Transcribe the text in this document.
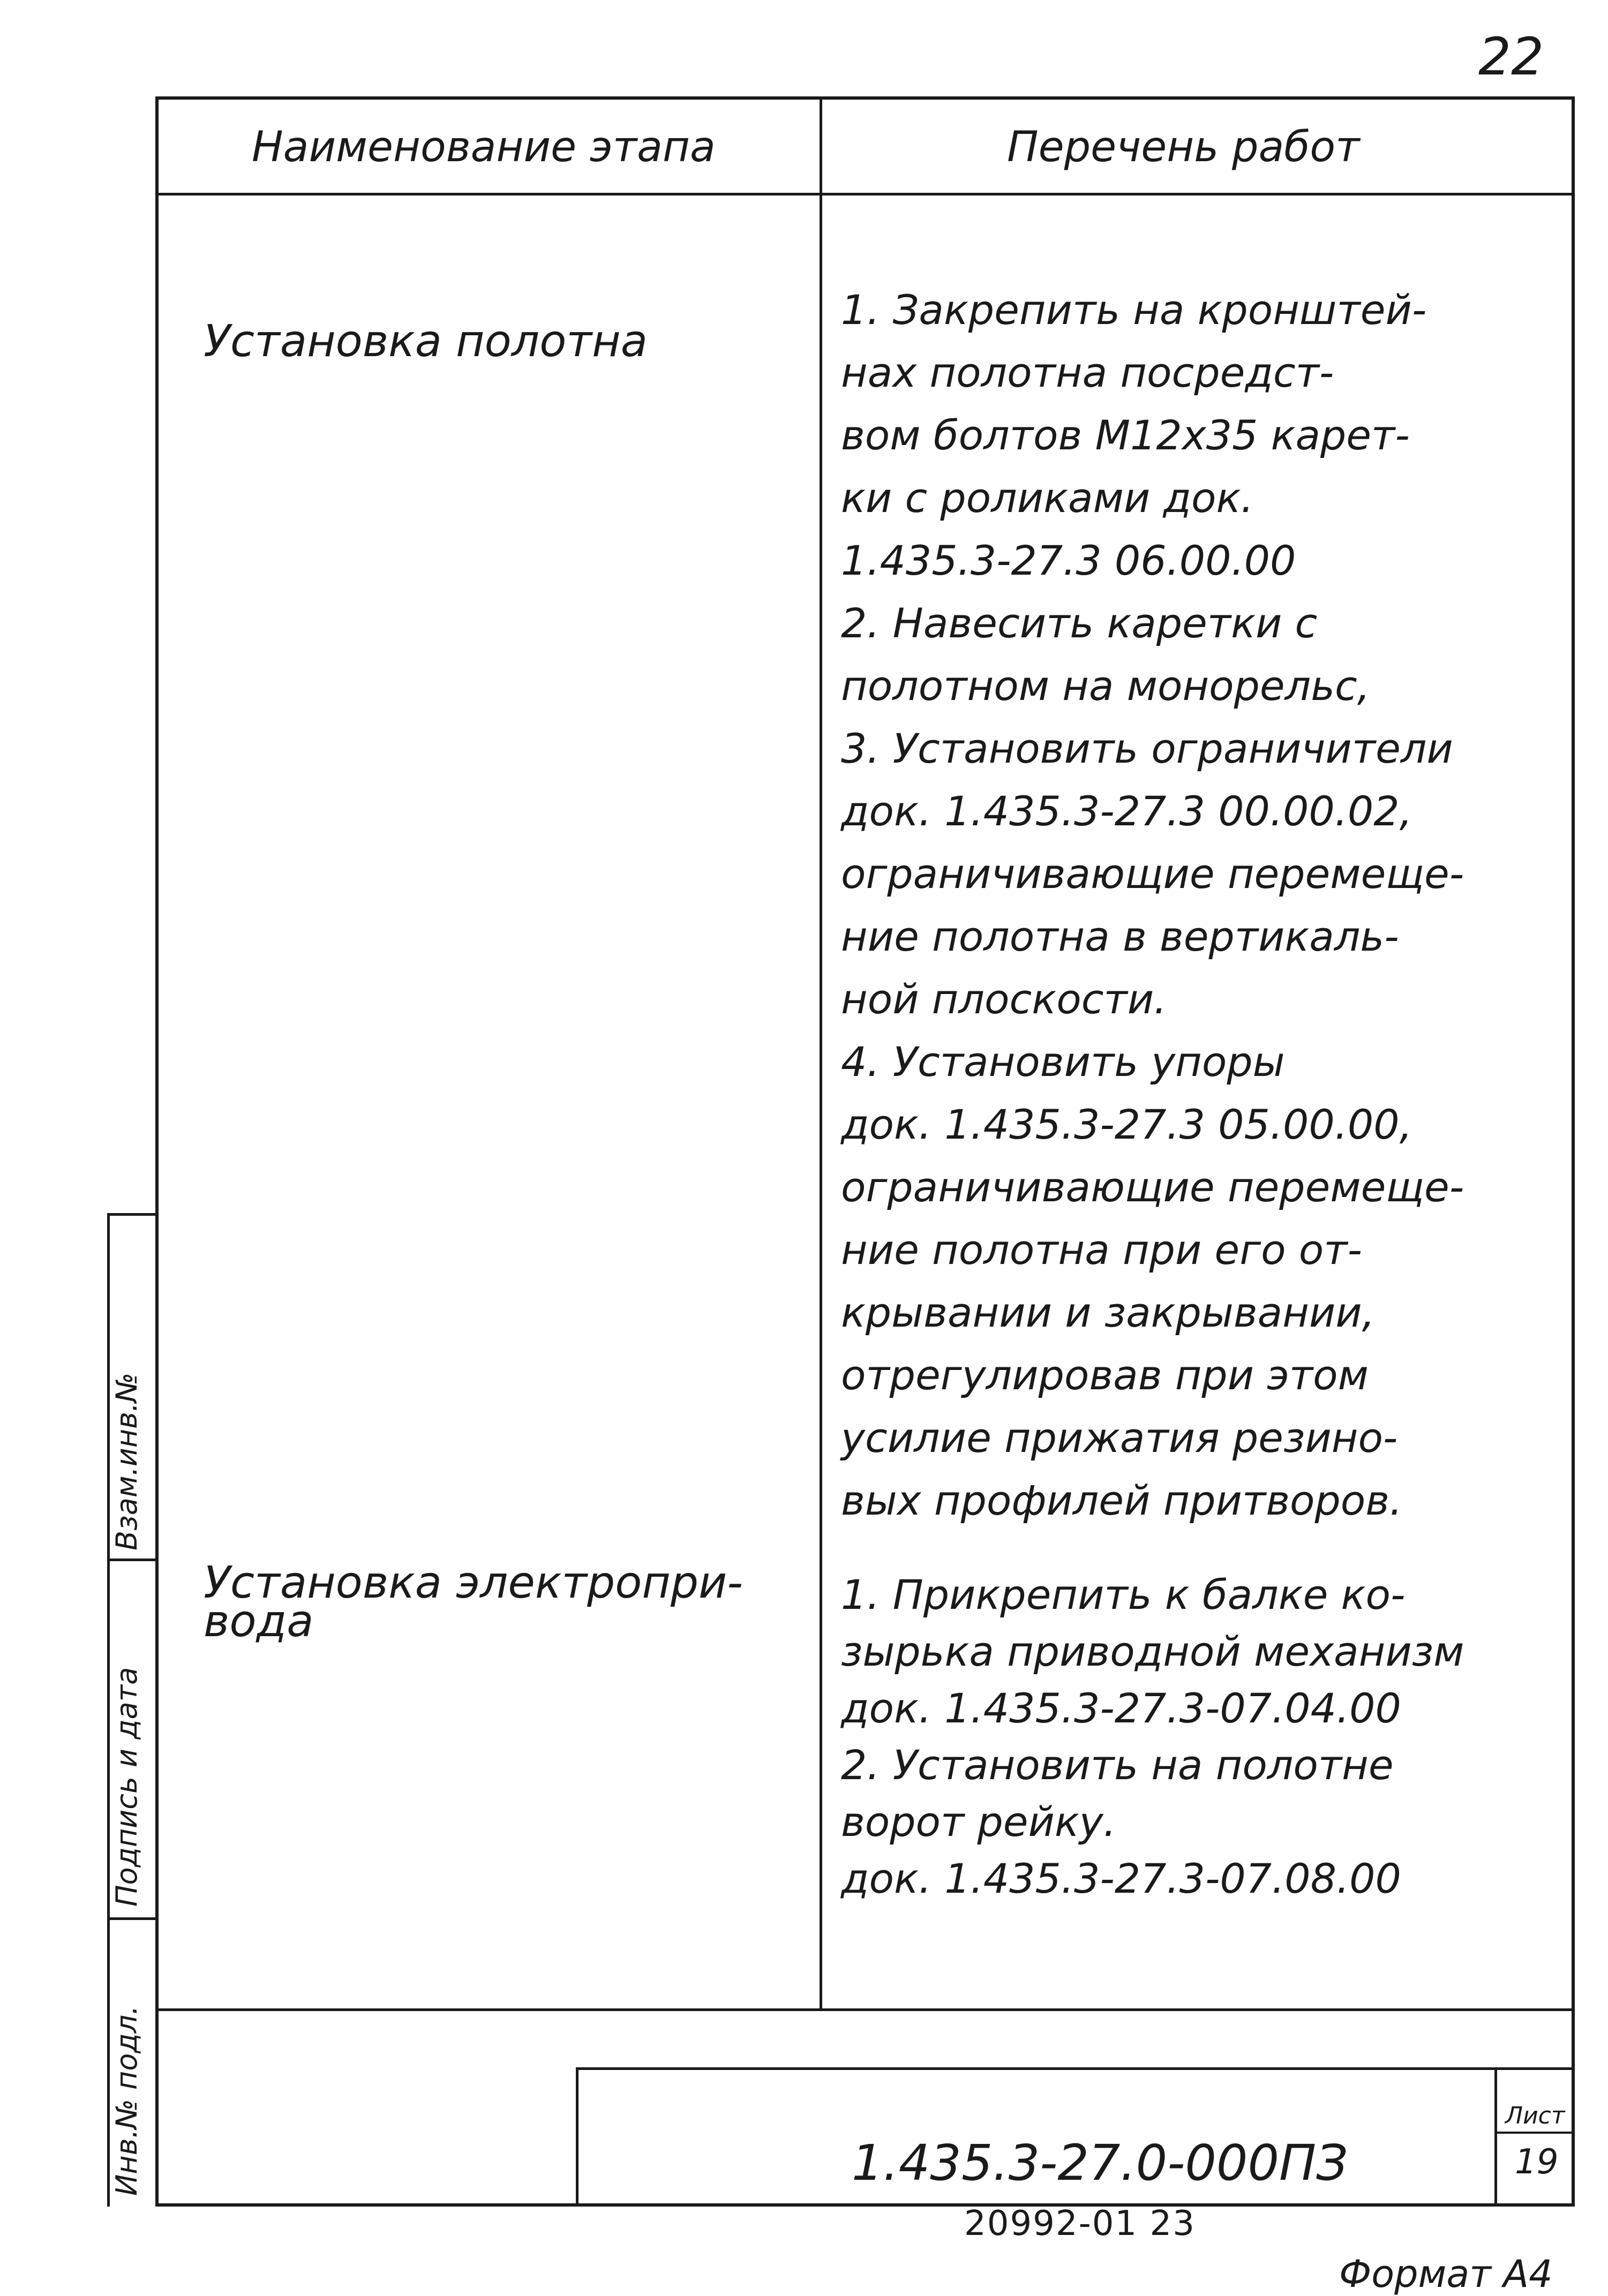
22
Наименование этапа	Перечень работ
Установка полотна
1. Закрепить на кронштей-
нах полотна посредст-
вом болтов М12х35 карет-
ки с роликами док.
1.435.3-27.3 06.00.00
2. Навесить каретки с
полотном на монорельс,
3. Установить ограничители
док. 1.435.3-27.3 00.00.02,
ограничивающие перемеще-
ние полотна в вертикаль-
ной плоскости.
4. Установить упоры
док. 1.435.3-27.3 05.00.00,
ограничивающие перемеще-
ние полотна при его от-
крывании и закрывании,
отрегулировав при этом
усилие прижатия резино-
вых профилей притворов.
Установка электропри-
вода
1. Прикрепить к балке ко-
зырька приводной механизм
док. 1.435.3-27.3-07.04.00
2. Установить на полотне
ворот рейку.
док. 1.435.3-27.3-07.08.00
Взам.инв.№
Подпись и дата
Инв.№ подл.	1.435.3-27.0-000ПЗ
Лист
19
20992-01 23
Формат А4
